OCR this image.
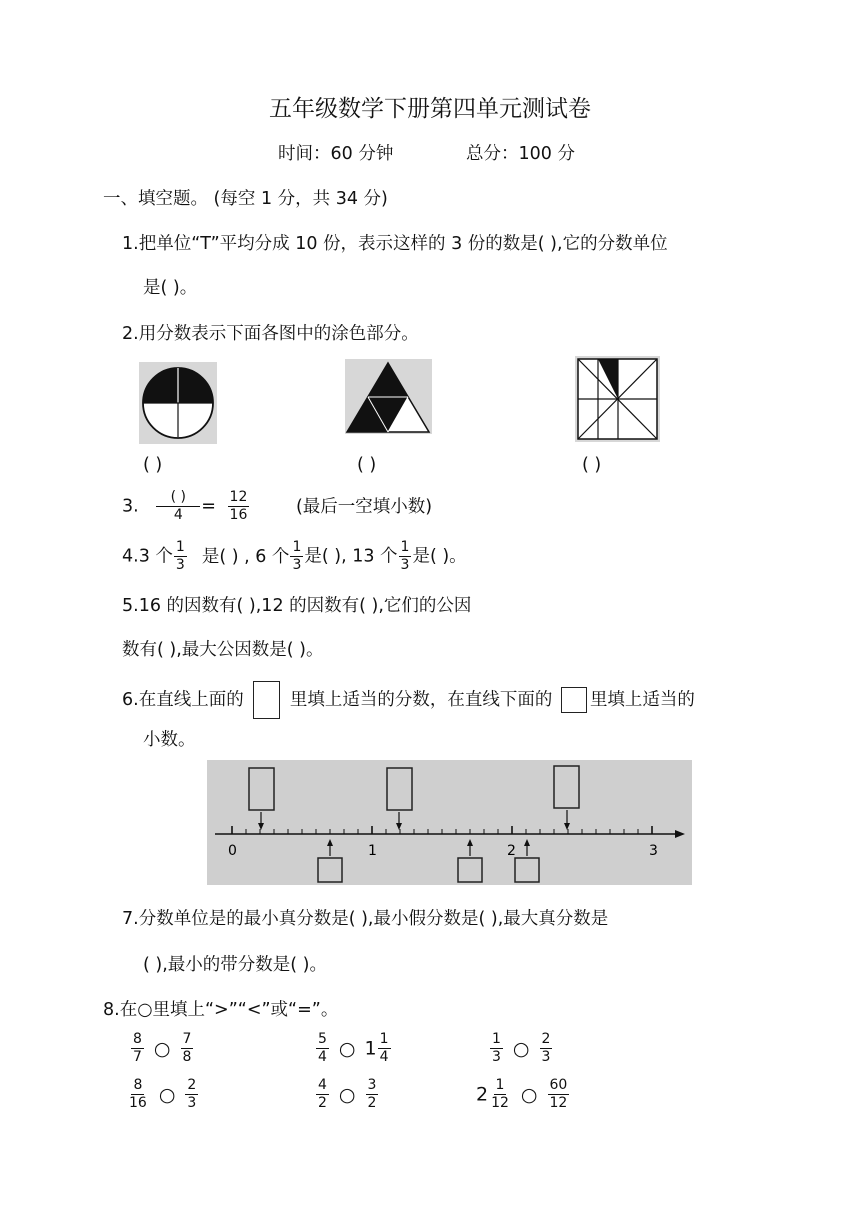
五年级数学下册第四单元测试卷
时间：60 分钟	总分：100 分
一、填空题。 (每空 1 分，共 34 分)
1.把单位“T”平均分成 10 份，表示这样的 3 份的数是( ),它的分数单位
是( )。
2.用分数表示下面各图中的涂色部分。
( )	( )	( )
3. $\frac{( )}{4} = \frac{12}{16}$	(最后一空填小数)
4.3 个 $\frac{1}{3}$ 是( ) , 6 个 $\frac{1}{3}$ 是( ), 13 个 $\frac{1}{3}$ 是( )。
5.16 的因数有( ),12 的因数有( ),它们的公因
数有( ),最大公因数是( )。
6.在直线上面的	里填上适当的分数，在直线下面的 里填上适当的
小数。
0	1	2	3
7.分数单位是的最小真分数是( ),最小假分数是( ),最大真分数是
( ),最小的带分数是( )。
8.在○里填上“>”“<”或“=”。
$\frac{8}{7}$ ○ $\frac{7}{8}$	$\frac{5}{4}$ ○ $1 \frac{1}{4}$	$\frac{1}{3}$ ○ $\frac{2}{3}$
$\frac{8}{16}$ ○ $\frac{2}{3}$	$\frac{4}{2}$ ○ $\frac{3}{2}$	$2 \frac{1}{12}$ ○ $\frac{60}{12}$
